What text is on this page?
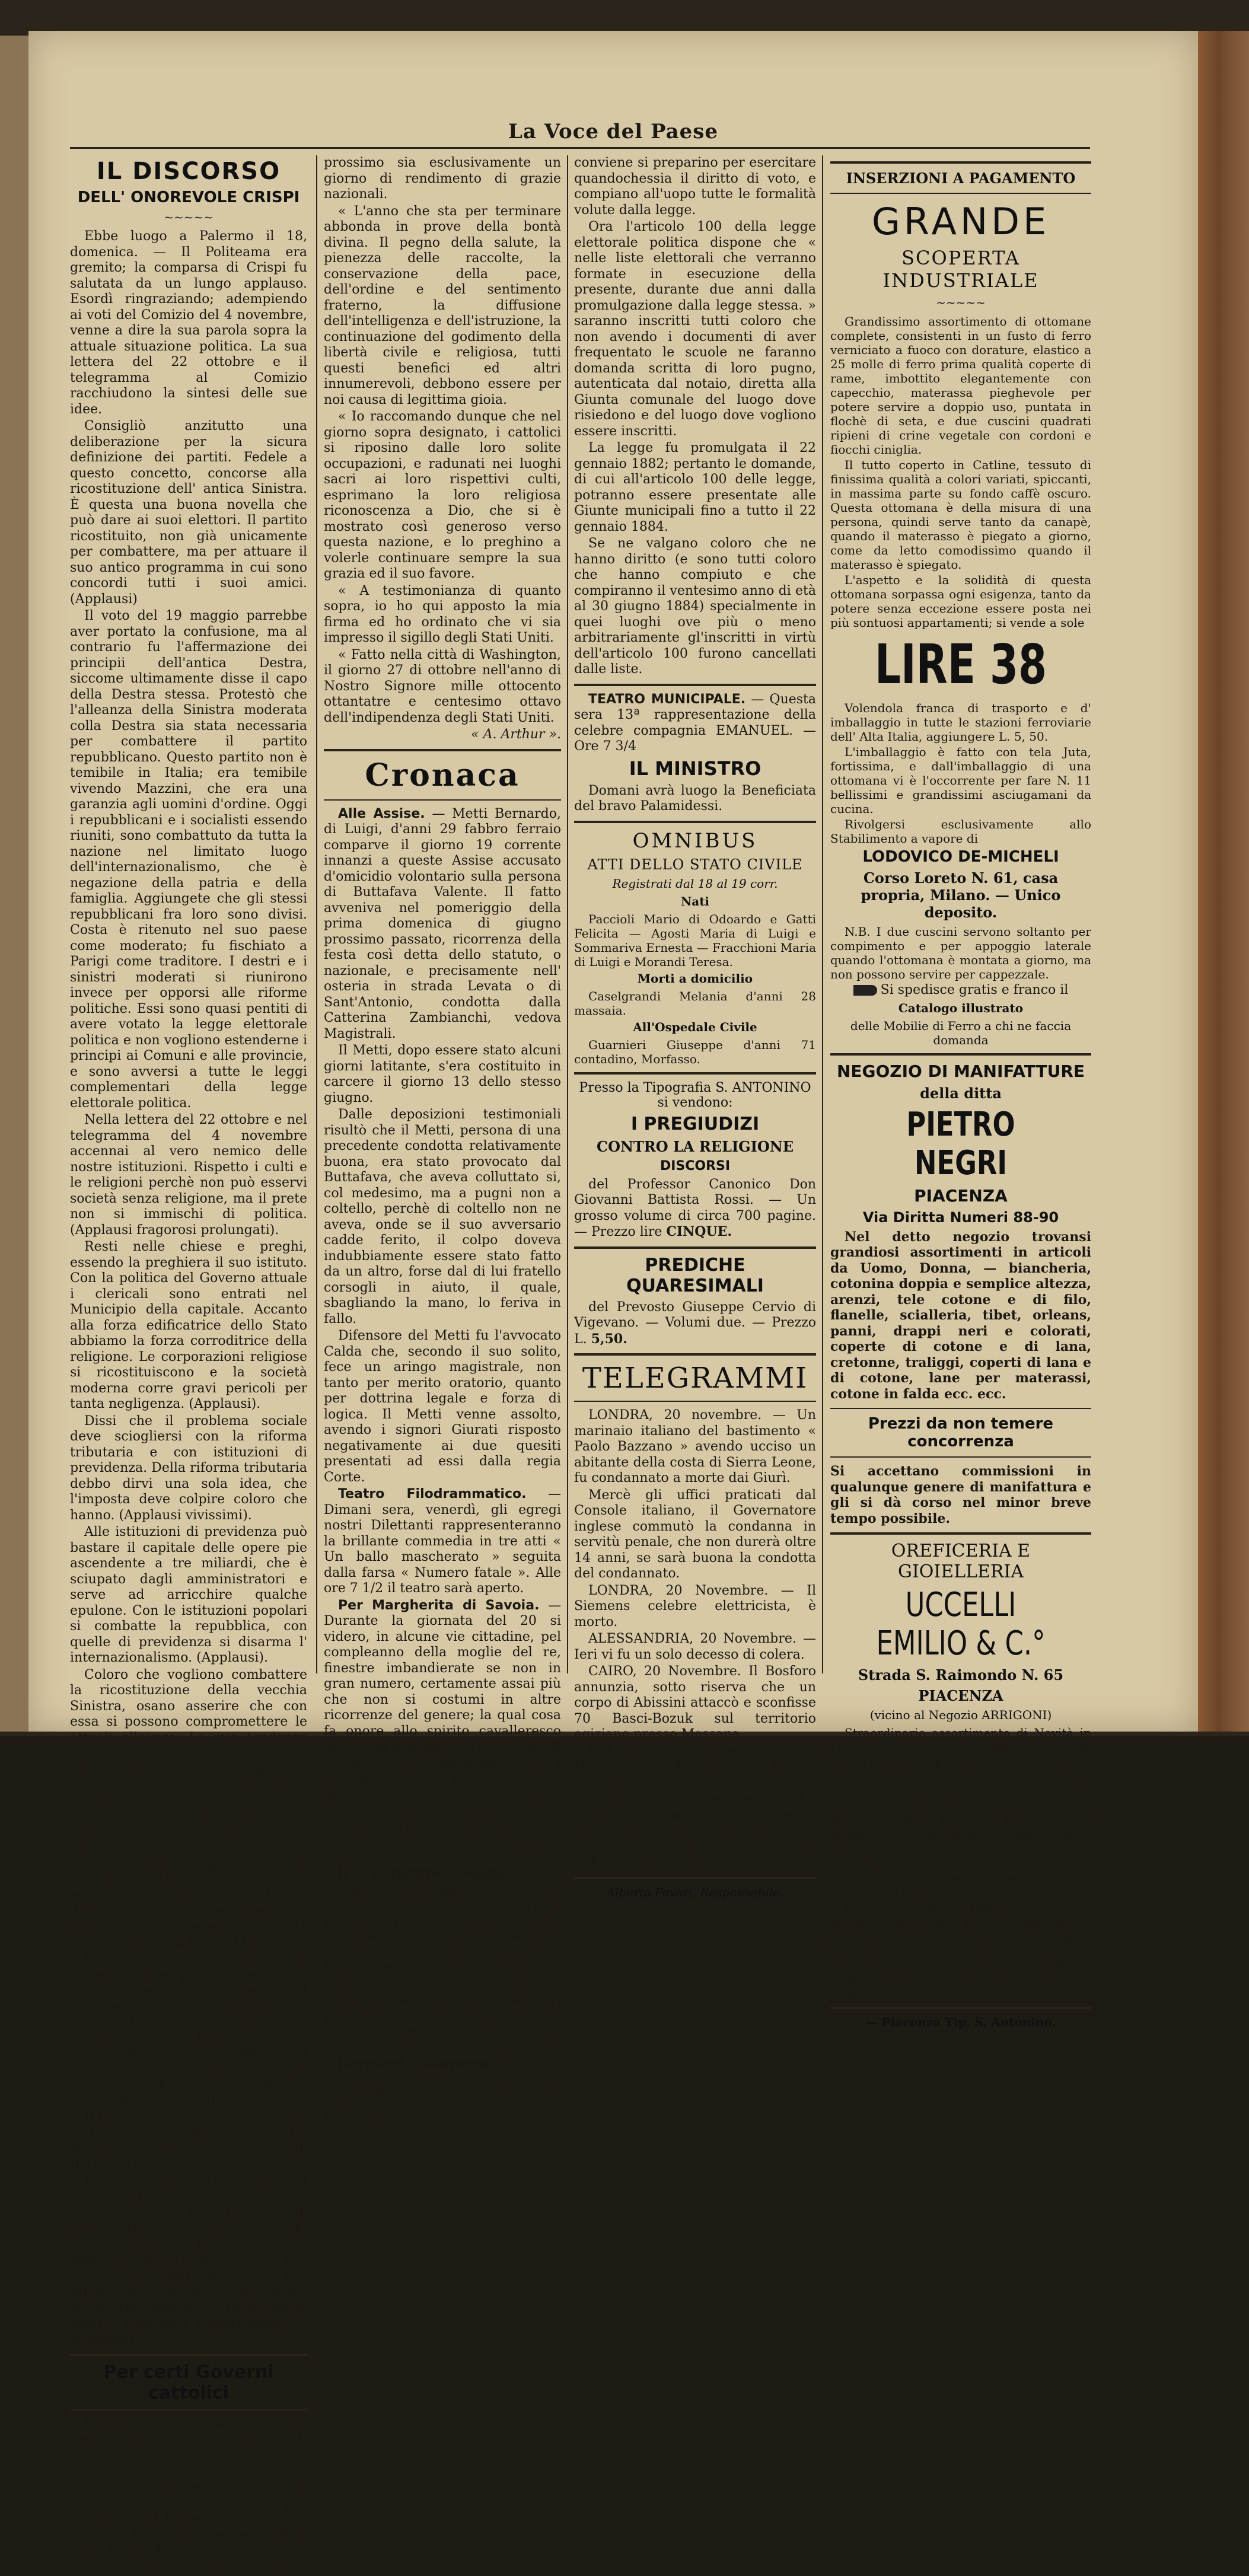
La Voce del Paese
IL DISCORSO
DELL' ONOREVOLE CRISPI
~~~~~

Ebbe luogo a Palermo il 18, domenica. — Il Politeama era gremito; la comparsa di Crispi fu salutata da un lungo applauso. Esordì ringraziando; adempiendo ai voti del Comizio del 4 novembre, venne a dire la sua parola sopra la attuale situazione politica. La sua lettera del 22 ottobre e il telegramma al Comizio racchiudono la sintesi delle sue idee.

Consigliò anzitutto una deliberazione per la sicura definizione dei partiti. Fedele a questo concetto, concorse alla ricostituzione dell' antica Sinistra. È questa una buona novella che può dare ai suoi elettori. Il partito ricostituito, non già unicamente per combattere, ma per attuare il suo antico programma in cui sono concordi tutti i suoi amici. (Applausi)

Il voto del 19 maggio parrebbe aver portato la confusione, ma al contrario fu l'affermazione dei principii dell'antica Destra, siccome ultimamente disse il capo della Destra stessa. Protestò che l'alleanza della Sinistra moderata colla Destra sia stata necessaria per combattere il partito repubblicano. Questo partito non è temibile in Italia; era temibile vivendo Mazzini, che era una garanzia agli uomini d'ordine. Oggi i repubblicani e i socialisti essendo riuniti, sono combattuto da tutta la nazione nel limitato luogo dell'internazionalismo, che è negazione della patria e della famiglia. Aggiungete che gli stessi repubblicani fra loro sono divisi. Costa è ritenuto nel suo paese come moderato; fu fischiato a Parigi come traditore. I destri e i sinistri moderati si riunirono invece per opporsi alle riforme politiche. Essi sono quasi pentiti di avere votato la legge elettorale politica e non vogliono estenderne i principi ai Comuni e alle provincie, e sono avversi a tutte le leggi complementari della legge elettorale politica.

Nella lettera del 22 ottobre e nel telegramma del 4 novembre accennai al vero nemico delle nostre istituzioni. Rispetto i culti e le religioni perchè non può esservi società senza religione, ma il prete non si immischi di politica. (Applausi fragorosi prolungati).

Resti nelle chiese e preghi, essendo la preghiera il suo istituto. Con la politica del Governo attuale i clericali sono entrati nel Municipio della capitale. Accanto alla forza edificatrice dello Stato abbiamo la forza corroditrice della religione. Le corporazioni religiose si ricostituiscono e la società moderna corre gravi pericoli per tanta negligenza. (Applausi).

Dissi che il problema sociale deve sciogliersi con la riforma tributaria e con istituzioni di previdenza. Della riforma tributaria debbo dirvi una sola idea, che l'imposta deve colpire coloro che hanno. (Applausi vivissimi).

Alle istituzioni di previdenza può bastare il capitale delle opere pie ascendente a tre miliardi, che è sciupato dagli amministratori e serve ad arricchire qualche epulone. Con le istituzioni popolari si combatte la repubblica, con quelle di previdenza si disarma l' internazionalismo. (Applausi).

Coloro che vogliono combattere la ricostituzione della vecchia Sinistra, osano asserire che con essa si possono compromettere le attuali alleanze. Le mie tendenze sono che l'Italia sul continente debba allearsi colle potenze centrali e sul mare coll'Inghilterra. (Applausi).

Il Governo di Berlino non fu mai amico della Destra, che condusse alla guerra del 1866 contrariamente agli accordi stabiliti; nel 1870 la Destra voleva mandare centomila uomini al di là delle Alpi a combattere l'esercito tedesco impedendoci la rivendicazione di Roma. (Applausi).

Il contegno della Sinistra impedì codesta fatale politica; avremmo fatto anche le barricate se il Governo non avesse seguiti i nostri consigli (applausi); ma per avere buone alleanze bisogna essere popoli forti. Prima del 1859 eravamo deboli perchè divisi, oggi lo siamo perchè gli armamenti sono incompleti. (Applausi).

Il Re è andato a Vienna; non gli è stata ancora restituita la visita. Bisognava andarvi per la via di Berlino. Concludiamo:

L'antica Sinistra ricostituita col suo antico programma si presenterà per la attuazione di tutte le riforme politiche e sociali, per mantenere l'alleanza colle Potenze centrali in Europa, non per combattere soltanto, ma per attuare un Governo morale, degno di un gran popolo che ha diritto di averlo. (Applausi fragorosissimi e prolungati).

Per certi Governi cattolici

Pubblichiamo il seguente decreto del Presidente degli Stati Uniti americani:

« Conforme all'uso di questo popolo di destinare verso la fine di ogni anno un giorno speciale per ossequiare il Dispensatore di ogni bene io, A. Arthur presidente degli Stati Uniti, decreto colla presente ordinanza che giovedì 22 novembre

prossimo sia esclusivamente un giorno di rendimento di grazie nazionali.

« L'anno che sta per terminare abbonda in prove della bontà divina. Il pegno della salute, la pienezza delle raccolte, la conservazione della pace, dell'ordine e del sentimento fraterno, la diffusione dell'intelligenza e dell'istruzione, la continuazione del godimento della libertà civile e religiosa, tutti questi benefici ed altri innumerevoli, debbono essere per noi causa di legittima gioia.

« Io raccomando dunque che nel giorno sopra designato, i cattolici si riposino dalle loro solite occupazioni, e radunati nei luoghi sacri ai loro rispettivi culti, esprimano la loro religiosa riconoscenza a Dio, che si è mostrato così generoso verso questa nazione, e lo preghino a volerle continuare sempre la sua grazia ed il suo favore.

« A testimonianza di quanto sopra, io ho qui apposto la mia firma ed ho ordinato che vi sia impresso il sigillo degli Stati Uniti.

« Fatto nella città di Washington, il giorno 27 di ottobre nell'anno di Nostro Signore mille ottocento ottantatre e centesimo ottavo dell'indipendenza degli Stati Uniti.

« A. Arthur ».
Cronaca

Alle Assise. — Metti Bernardo, di Luigi, d'anni 29 fabbro ferraio comparve il giorno 19 corrente innanzi a queste Assise accusato d'omicidio volontario sulla persona di Buttafava Valente. Il fatto avveniva nel pomeriggio della prima domenica di giugno prossimo passato, ricorrenza della festa così detta dello statuto, o nazionale, e precisamente nell' osteria in strada Levata o di Sant'Antonio, condotta dalla Catterina Zambianchi, vedova Magistrali.

Il Metti, dopo essere stato alcuni giorni latitante, s'era costituito in carcere il giorno 13 dello stesso giugno.

Dalle deposizioni testimoniali risultò che il Metti, persona di una precedente condotta relativamente buona, era stato provocato dal Buttafava, che aveva colluttato si, col medesimo, ma a pugni non a coltello, perchè di coltello non ne aveva, onde se il suo avversario cadde ferito, il colpo doveva indubbiamente essere stato fatto da un altro, forse dal di lui fratello corsogli in aiuto, il quale, sbagliando la mano, lo feriva in fallo.

Difensore del Metti fu l'avvocato Calda che, secondo il suo solito, fece un aringo magistrale, non tanto per merito oratorio, quanto per dottrina legale e forza di logica. Il Metti venne assolto, avendo i signori Giurati risposto negativamente ai due quesiti presentati ad essi dalla regia Corte.

Teatro Filodrammatico. — Dimani sera, venerdì, gli egregi nostri Dilettanti rappresenteranno la brillante commedia in tre atti « Un ballo mascherato » seguita dalla farsa « Numero fatale ». Alle ore 7 1/2 il teatro sarà aperto.

Per Margherita di Savoia. — Durante la giornata del 20 si videro, in alcune vie cittadine, pel compleanno della moglie del re, finestre imbandierate se non in gran numero, certamente assai più che non si costumi in altre ricorrenze del genere; la qual cosa fa onore allo spirito cavalleresco dei buoni piacentini. La sera poi il Municipio fece accendere tutti i becchi del gaz in piazza Cavalli e gli edifici militari si mostrarono decorosamente illuminati. In teatro fu suonato ripetutamente la marcia reale, e la sala venne illuminata a giorno..

Il deputato Ruspoli ha intrapreso un viaggio attraverso la nostra provincia per conoscere di persona il paese e i suoi elettori. Le accoglienze furono dappertutto oneste e liete, nè mancarono i buoni pranzi, essendo risaputo che oggi

Tutto finisce in cene e in desinari proprio come costumava ai tempi cantati da Omero. Decisamente noi viviamo in un'epoca eroica.

Iscrizioni elettorali. — I cattolici almeno per ora finchè nol dice il Papa, non vanno alle urne politiche. Tuttavia

conviene si preparino per esercitare quandochessia il diritto di voto, e compiano all'uopo tutte le formalità volute dalla legge.

Ora l'articolo 100 della legge elettorale politica dispone che « nelle liste elettorali che verranno formate in esecuzione della presente, durante due anni dalla promulgazione dalla legge stessa. » saranno inscritti tutti coloro che non avendo i documenti di aver frequentato le scuole ne faranno domanda scritta di loro pugno, autenticata dal notaio, diretta alla Giunta comunale del luogo dove risiedono e del luogo dove vogliono essere inscritti.

La legge fu promulgata il 22 gennaio 1882; pertanto le domande, di cui all'articolo 100 delle legge, potranno essere presentate alle Giunte municipali fino a tutto il 22 gennaio 1884.

Se ne valgano coloro che ne hanno diritto (e sono tutti coloro che hanno compiuto e che compiranno il ventesimo anno di età al 30 giugno 1884) specialmente in quei luoghi ove più o meno arbitrariamente gl'inscritti in virtù dell'articolo 100 furono cancellati dalle liste.

TEATRO MUNICIPALE. — Questa sera 13ª rappresentazione della celebre compagnia EMANUEL. — Ore 7 3/4

IL MINISTRO

Domani avrà luogo la Beneficiata del bravo Palamidessi.

OMNIBUS
ATTI DELLO STATO CIVILE
Registrati dal 18 al 19 corr.
Nati

Paccioli Mario di Odoardo e Gatti Felicita — Agosti Maria di Luigi e Sommariva Ernesta — Fracchioni Maria di Luigi e Morandi Teresa.

Morti a domicilio

Caselgrandi Melania d'anni 28 massaia.

All'Ospedale Civile

Guarnieri Giuseppe d'anni 71 contadino, Morfasso.

Presso la Tipografia S. ANTONINO si vendono:
I PREGIUDIZI
CONTRO LA RELIGIONE
DISCORSI

del Professor Canonico Don Giovanni Battista Rossi. — Un grosso volume di circa 700 pagine. — Prezzo lire CINQUE.

PREDICHE QUARESIMALI

del Prevosto Giuseppe Cervio di Vigevano. — Volumi due. — Prezzo L. 5,50.

TELEGRAMMI

LONDRA, 20 novembre. — Un marinaio italiano del bastimento « Paolo Bazzano » avendo ucciso un abitante della costa di Sierra Leone, fu condannato a morte dai Giurì.

Mercè gli uffici praticati dal Console italiano, il Governatore inglese commutò la condanna in servitù penale, che non durerà oltre 14 anni, se sarà buona la condotta del condannato.

LONDRA, 20 Novembre. — Il Siemens celebre elettricista, è morto.

ALESSANDRIA, 20 Novembre. — Ieri vi fu un solo decesso di colera.

CAIRO, 20 Novembre. Il Bosforo annunzia, sotto riserva che un corpo di Abissini attaccò e sconfisse 70 Basci-Bozuk sul territorio egiziano presso Massana.

BELGRADO 20 novembre. — A Dich i capi degli insorti furono fucilati.

VIENNA, 20 novembre. — La polizia è riuscita a scoprire la tipografia clandestina dove uscirono in questi ultimi tempi delle pubblicazioni sediziose.

Alberto Favari, Responsabile.
INSERZIONI A PAGAMENTO
GRANDE
SCOPERTA INDUSTRIALE
~~~~~

Grandissimo assortimento di ottomane complete, consistenti in un fusto di ferro verniciato a fuoco con dorature, elastico a 25 molle di ferro prima qualità coperte di rame, imbottito elegantemente con capecchio, materassa pieghevole per potere servire a doppio uso, puntata in flochè di seta, e due cuscini quadrati ripieni di crine vegetale con cordoni e fiocchi ciniglia.

Il tutto coperto in Catline, tessuto di finissima qualità a colori variati, spiccanti, in massima parte su fondo caffè oscuro. Questa ottomana è della misura di una persona, quindi serve tanto da canapè, quando il materasso è piegato a giorno, come da letto comodissimo quando il materasso è spiegato.

L'aspetto e la solidità di questa ottomana sorpassa ogni esigenza, tanto da potere senza eccezione essere posta nei più sontuosi appartamenti; si vende a sole

LIRE 38

Volendola franca di trasporto e d' imballaggio in tutte le stazioni ferroviarie dell' Alta Italia, aggiungere L. 5, 50.

L'imballaggio è fatto con tela Juta, fortissima, e dall'imballaggio di una ottomana vi è l'occorrente per fare N. 11 bellissimi e grandissimi asciugamani da cucina.

Rivolgersi esclusivamente allo Stabilimento a vapore di

LODOVICO DE-MICHELI
Corso Loreto N. 61, casa propria, Milano. — Unico deposito.

N.B. I due cuscini servono soltanto per compimento e per appoggio laterale quando l'ottomana è montata a giorno, ma non possono servire per cappezzale.

Si spedisce gratis e franco il
Catalogo illustrato
delle Mobilie di Ferro a chi ne faccia domanda
NEGOZIO DI MANIFATTURE
della ditta
PIETRO NEGRI
PIACENZA
Via Diritta Numeri 88-90

Nel detto negozio trovansi grandiosi assortimenti in articoli da Uomo, Donna, — biancheria, cotonina doppia e semplice altezza, arenzi, tele cotone e di filo, flanelle, scialleria, tibet, orleans, panni, drappi neri e colorati, coperte di cotone e di lana, cretonne, traliggi, coperti di lana e di cotone, lane per materassi, cotone in falda ecc. ecc.

Prezzi da non temere concorrenza

Si accettano commissioni in qualunque genere di manifattura e gli si dà corso nel minor breve tempo possibile.

OREFICERIA E GIOIELLERIA
UCCELLI EMILIO & C.°
Strada S. Raimondo N. 65
PIACENZA
(vicino al Negozio ARRIGONI)

Straordinario assortimento di Novità in Forniture d' Oro e d' Anelli per Spose anche con pietre preziose.

Assortimento completo in catene d'oro da uomo e per signora.

Deposito di galanti oggetti in Argento delle accreditate fabbriche Franz-Mosgau di Berlino e Martovisch di Vienna. Orologi d' oro e d'argento delle prime Case di Ginevra.

Il tutto a prezzi onestissimi ed impossibile concorrenza.

La suddetta Ditta praticherà assiduamente, come già fece negli scorsi anni i Mercati e le Fiere dei principali Paesi di questa Provincia con un Completo assortimento d'oreficeria ed altri articoli onde contentare la sua numerosa Clientela.

— Piacenza Tip. S. Antonino.
